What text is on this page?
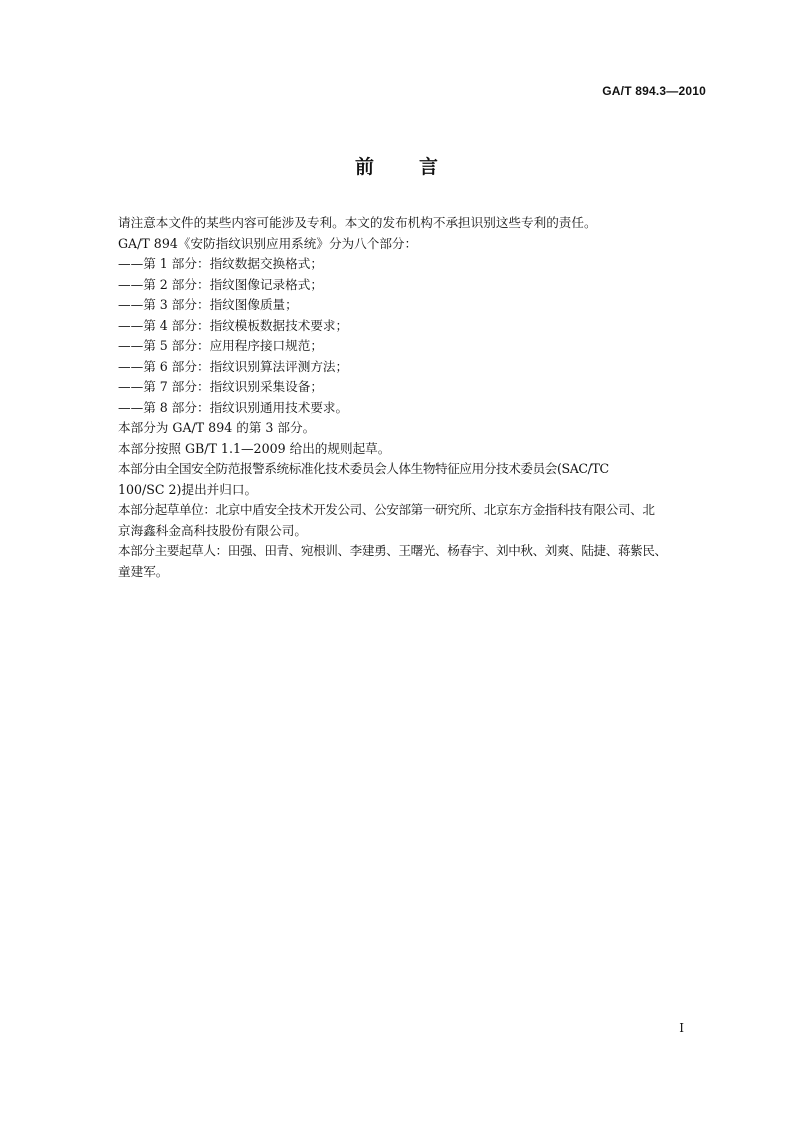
GA/T 894.3—2010
前 言

请注意本文件的某些内容可能涉及专利。本文的发布机构不承担识别这些专利的责任。

GA/T 894《安防指纹识别应用系统》分为八个部分：

——第 1 部分：指纹数据交换格式；

——第 2 部分：指纹图像记录格式；

——第 3 部分：指纹图像质量；

——第 4 部分：指纹模板数据技术要求；

——第 5 部分：应用程序接口规范；

——第 6 部分：指纹识别算法评测方法；

——第 7 部分：指纹识别采集设备；

——第 8 部分：指纹识别通用技术要求。

本部分为 GA/T 894 的第 3 部分。

本部分按照 GB/T 1.1—2009 给出的规则起草。

本部分由全国安全防范报警系统标准化技术委员会人体生物特征应用分技术委员会(SAC/TC

100/SC 2)提出并归口。

本部分起草单位：北京中盾安全技术开发公司、公安部第一研究所、北京东方金指科技有限公司、北

京海鑫科金高科技股份有限公司。

本部分主要起草人：田强、田青、宛根训、李建勇、王曙光、杨春宇、刘中秋、刘爽、陆捷、蒋紫民、

童建军。

I
